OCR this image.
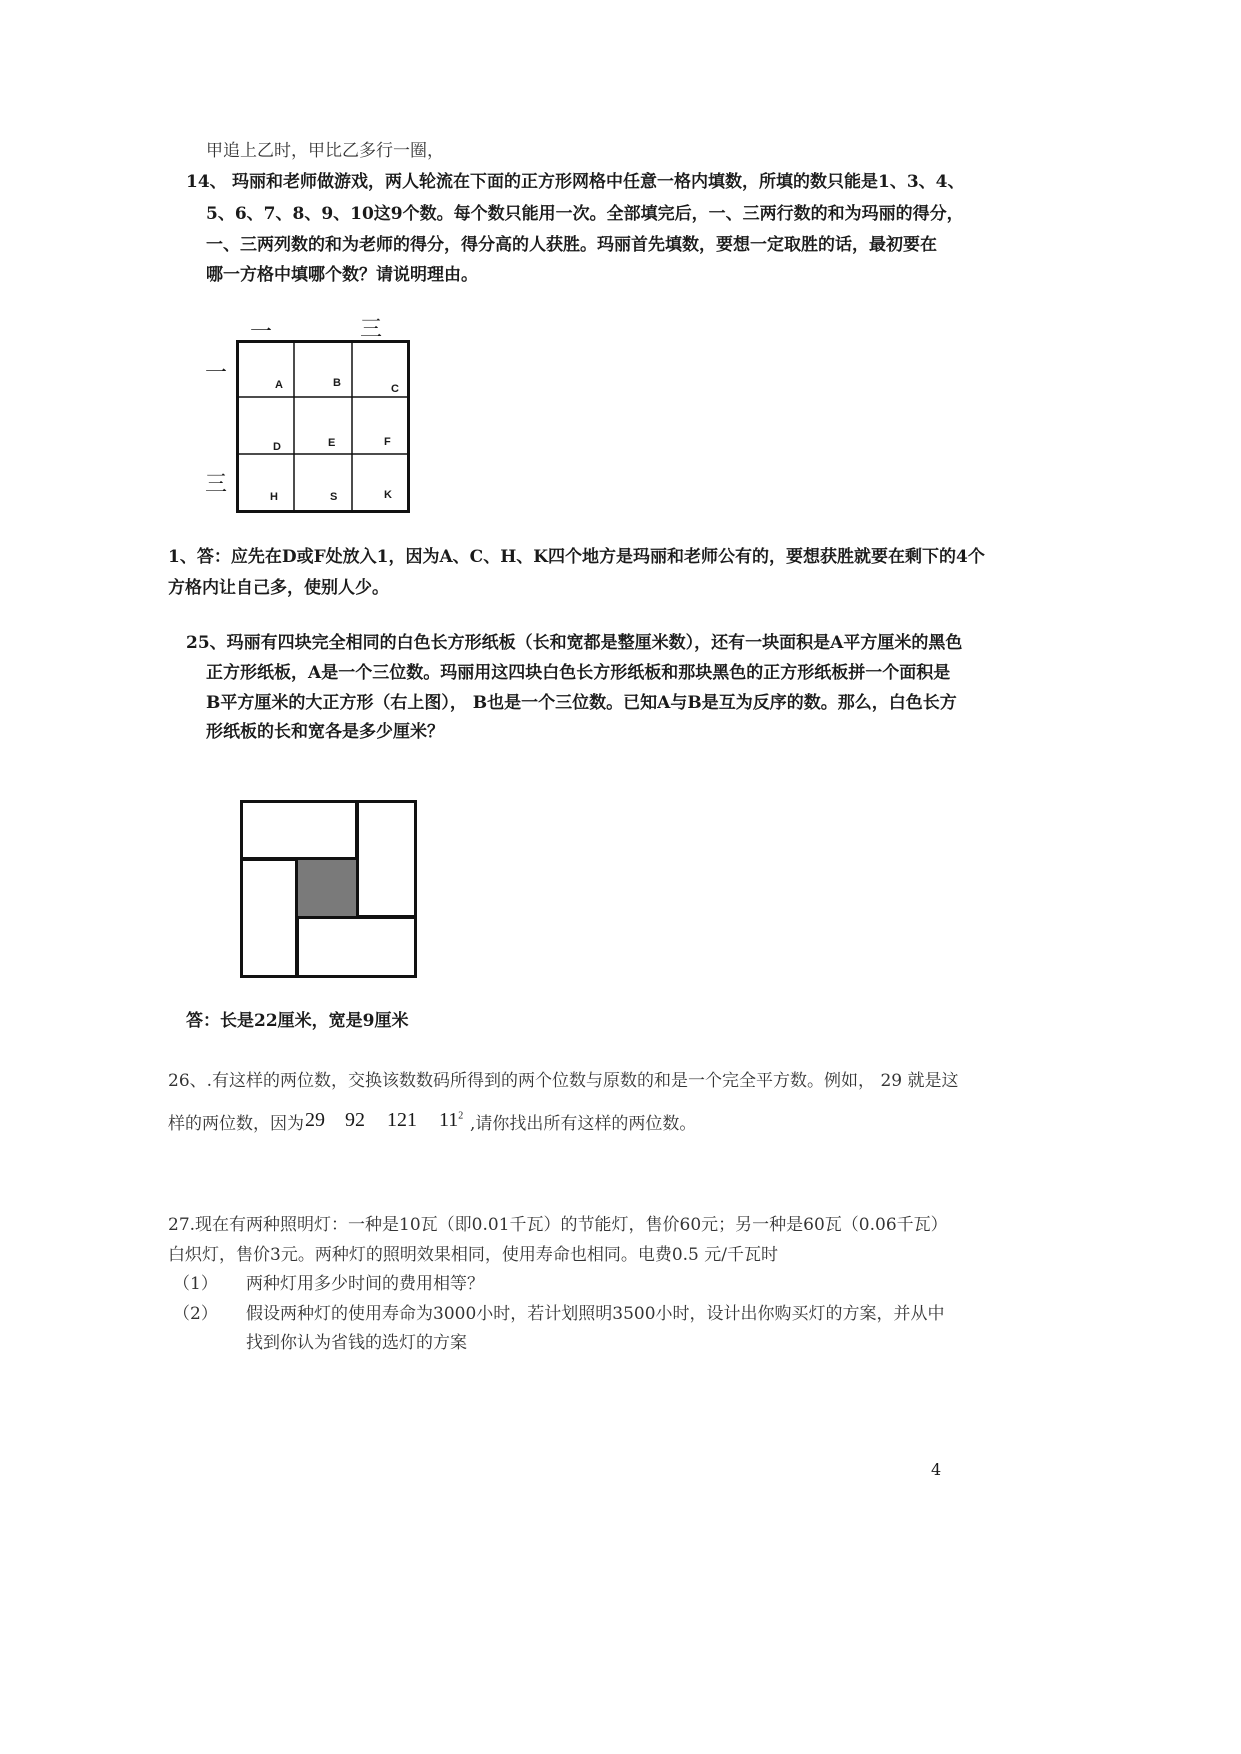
甲追上乙时，甲比乙多行一圈，
14、 玛丽和老师做游戏，两人轮流在下面的正方形网格中任意一格内填数，所填的数只能是1、3、4、
5、6、7、8、9、10这9个数。每个数只能用一次。全部填完后，一、三两行数的和为玛丽的得分，
一、三两列数的和为老师的得分，得分高的人获胜。玛丽首先填数，要想一定取胜的话，最初要在
哪一方格中填哪个数？请说明理由。
一	三
一
三
A	B	C
D	E	F
H	S	K
1、答：应先在D或F处放入1，因为A、C、H、K四个地方是玛丽和老师公有的，要想获胜就要在剩下的4个
方格内让自己多，使别人少。
25、玛丽有四块完全相同的白色长方形纸板（长和宽都是整厘米数），还有一块面积是A平方厘米的黑色
正方形纸板，A是一个三位数。玛丽用这四块白色长方形纸板和那块黑色的正方形纸板拼一个面积是
B平方厘米的大正方形（右上图）， B也是一个三位数。已知A与B是互为反序的数。那么，白色长方
形纸板的长和宽各是多少厘米？
答：长是22厘米，宽是9厘米
26、.有这样的两位数，交换该数数码所得到的两个位数与原数的和是一个完全平方数。例如， 29 就是这
样的两位数，因为 29 92 121 $11^2$ ,请你找出所有这样的两位数。
27.现在有两种照明灯：一种是10瓦（即0.01千瓦）的节能灯，售价60元；另一种是60瓦（0.06千瓦）
白炽灯，售价3元。两种灯的照明效果相同，使用寿命也相同。电费0.5 元/千瓦时
（1） 两种灯用多少时间的费用相等？
（2） 假设两种灯的使用寿命为3000小时，若计划照明3500小时，设计出你购买灯的方案，并从中
找到你认为省钱的选灯的方案
4
